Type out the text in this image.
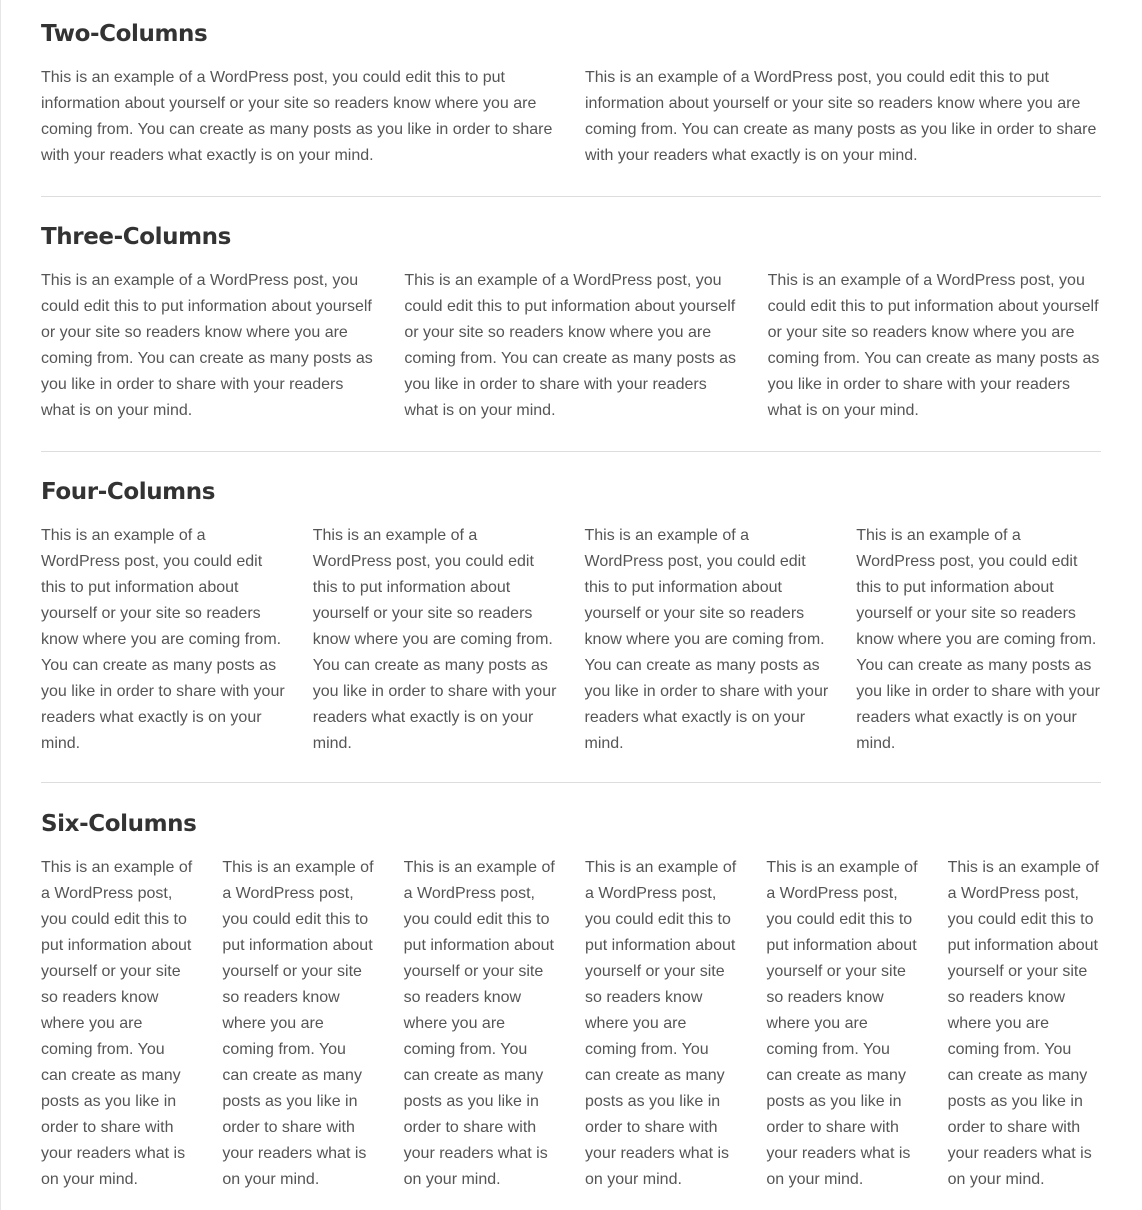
Two-Columns

This is an example of a WordPress post, you could edit this to put information about yourself or your site so readers know where you are coming from. You can create as many posts as you like in order to share with your readers what exactly is on your mind.

This is an example of a WordPress post, you could edit this to put information about yourself or your site so readers know where you are coming from. You can create as many posts as you like in order to share with your readers what exactly is on your mind.

Three-Columns

This is an example of a WordPress post, you could edit this to put information about yourself or your site so readers know where you are coming from. You can create as many posts as you like in order to share with your readers what is on your mind.

This is an example of a WordPress post, you could edit this to put information about yourself or your site so readers know where you are coming from. You can create as many posts as you like in order to share with your readers what is on your mind.

This is an example of a WordPress post, you could edit this to put information about yourself or your site so readers know where you are coming from. You can create as many posts as you like in order to share with your readers what is on your mind.

Four-Columns

This is an example of a WordPress post, you could edit this to put information about yourself or your site so readers know where you are coming from. You can create as many posts as you like in order to share with your readers what exactly is on your mind.

This is an example of a WordPress post, you could edit this to put information about yourself or your site so readers know where you are coming from. You can create as many posts as you like in order to share with your readers what exactly is on your mind.

This is an example of a WordPress post, you could edit this to put information about yourself or your site so readers know where you are coming from. You can create as many posts as you like in order to share with your readers what exactly is on your mind.

This is an example of a WordPress post, you could edit this to put information about yourself or your site so readers know where you are coming from. You can create as many posts as you like in order to share with your readers what exactly is on your mind.

Six-Columns

This is an example of a WordPress post, you could edit this to put information about yourself or your site so readers know where you are coming from. You can create as many posts as you like in order to share with your readers what is on your mind.

This is an example of a WordPress post, you could edit this to put information about yourself or your site so readers know where you are coming from. You can create as many posts as you like in order to share with your readers what is on your mind.

This is an example of a WordPress post, you could edit this to put information about yourself or your site so readers know where you are coming from. You can create as many posts as you like in order to share with your readers what is on your mind.

This is an example of a WordPress post, you could edit this to put information about yourself or your site so readers know where you are coming from. You can create as many posts as you like in order to share with your readers what is on your mind.

This is an example of a WordPress post, you could edit this to put information about yourself or your site so readers know where you are coming from. You can create as many posts as you like in order to share with your readers what is on your mind.

This is an example of a WordPress post, you could edit this to put information about yourself or your site so readers know where you are coming from. You can create as many posts as you like in order to share with your readers what is on your mind.
